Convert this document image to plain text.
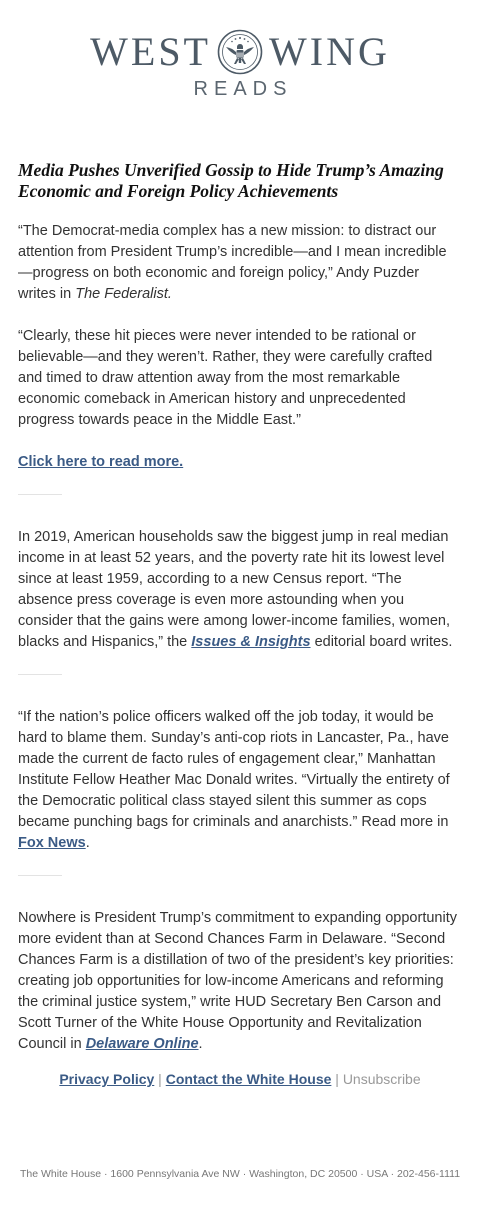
WEST WING
READS
Media Pushes Unverified Gossip to Hide Trump’s Amazing Economic and Foreign Policy Achievements

“The Democrat-media complex has a new mission: to distract our attention from President Trump’s incredible—and I mean incredible—progress on both economic and foreign policy,” Andy Puzder writes in The Federalist.

“Clearly, these hit pieces were never intended to be rational or believable—and they weren’t. Rather, they were carefully crafted and timed to draw attention away from the most remarkable economic comeback in American history and unprecedented progress towards peace in the Middle East.”

Click here to read more.

In 2019, American households saw the biggest jump in real median income in at least 52 years, and the poverty rate hit its lowest level since at least 1959, according to a new Census report. “The absence press coverage is even more astounding when you consider that the gains were among lower-income families, women, blacks and Hispanics,” the Issues & Insights editorial board writes.

“If the nation’s police officers walked off the job today, it would be hard to blame them. Sunday’s anti-cop riots in Lancaster, Pa., have made the current de facto rules of engagement clear,” Manhattan Institute Fellow Heather Mac Donald writes. “Virtually the entirety of the Democratic political class stayed silent this summer as cops became punching bags for criminals and anarchists.” Read more in Fox News.

Nowhere is President Trump’s commitment to expanding opportunity more evident than at Second Chances Farm in Delaware. “Second Chances Farm is a distillation of two of the president’s key priorities: creating job opportunities for low-income Americans and reforming the criminal justice system,” write HUD Secretary Ben Carson and Scott Turner of the White House Opportunity and Revitalization Council in Delaware Online.

Privacy Policy | Contact the White House | Unsubscribe
The White House · 1600 Pennsylvania Ave NW · Washington, DC 20500 · USA · 202-456-1111
